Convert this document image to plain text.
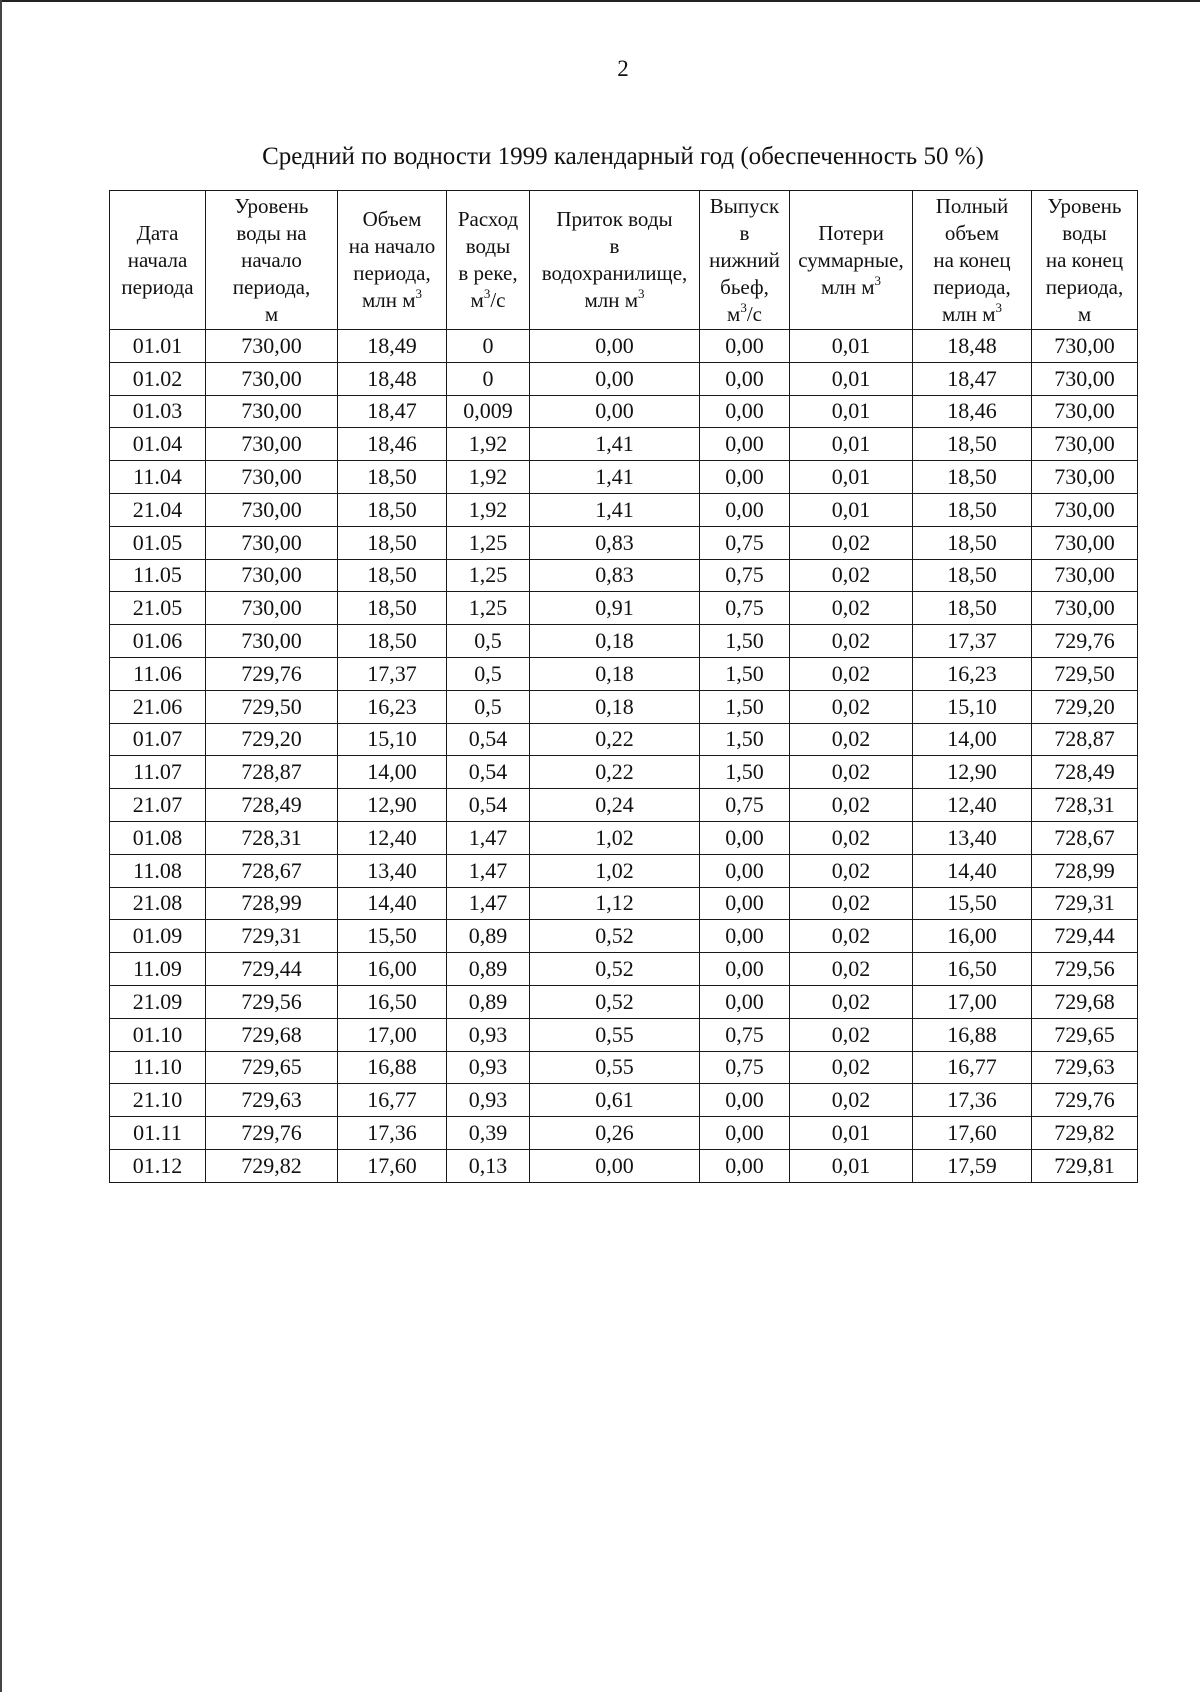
2
Средний по водности 1999 календарный год (обеспеченность 50 %)
Дата
начала
периода	Уровень
воды на
начало
периода,
м	Объем
на начало
периода,
млн $м^3$	Расход
воды
в реке,
$м^3/с$	Приток воды
в
водохранилище,
млн $м^3$	Выпуск
в
нижний
бьеф,
$м^3/с$	Потери
суммарные,
млн $м^3$	Полный
объем
на конец
периода,
млн $м^3$	Уровень
воды
на конец
периода,
м
01.01	730,00	18,49	0	0,00	0,00	0,01	18,48	730,00
01.02	730,00	18,48	0	0,00	0,00	0,01	18,47	730,00
01.03	730,00	18,47	0,009	0,00	0,00	0,01	18,46	730,00
01.04	730,00	18,46	1,92	1,41	0,00	0,01	18,50	730,00
11.04	730,00	18,50	1,92	1,41	0,00	0,01	18,50	730,00
21.04	730,00	18,50	1,92	1,41	0,00	0,01	18,50	730,00
01.05	730,00	18,50	1,25	0,83	0,75	0,02	18,50	730,00
11.05	730,00	18,50	1,25	0,83	0,75	0,02	18,50	730,00
21.05	730,00	18,50	1,25	0,91	0,75	0,02	18,50	730,00
01.06	730,00	18,50	0,5	0,18	1,50	0,02	17,37	729,76
11.06	729,76	17,37	0,5	0,18	1,50	0,02	16,23	729,50
21.06	729,50	16,23	0,5	0,18	1,50	0,02	15,10	729,20
01.07	729,20	15,10	0,54	0,22	1,50	0,02	14,00	728,87
11.07	728,87	14,00	0,54	0,22	1,50	0,02	12,90	728,49
21.07	728,49	12,90	0,54	0,24	0,75	0,02	12,40	728,31
01.08	728,31	12,40	1,47	1,02	0,00	0,02	13,40	728,67
11.08	728,67	13,40	1,47	1,02	0,00	0,02	14,40	728,99
21.08	728,99	14,40	1,47	1,12	0,00	0,02	15,50	729,31
01.09	729,31	15,50	0,89	0,52	0,00	0,02	16,00	729,44
11.09	729,44	16,00	0,89	0,52	0,00	0,02	16,50	729,56
21.09	729,56	16,50	0,89	0,52	0,00	0,02	17,00	729,68
01.10	729,68	17,00	0,93	0,55	0,75	0,02	16,88	729,65
11.10	729,65	16,88	0,93	0,55	0,75	0,02	16,77	729,63
21.10	729,63	16,77	0,93	0,61	0,00	0,02	17,36	729,76
01.11	729,76	17,36	0,39	0,26	0,00	0,01	17,60	729,82
01.12	729,82	17,60	0,13	0,00	0,00	0,01	17,59	729,81
